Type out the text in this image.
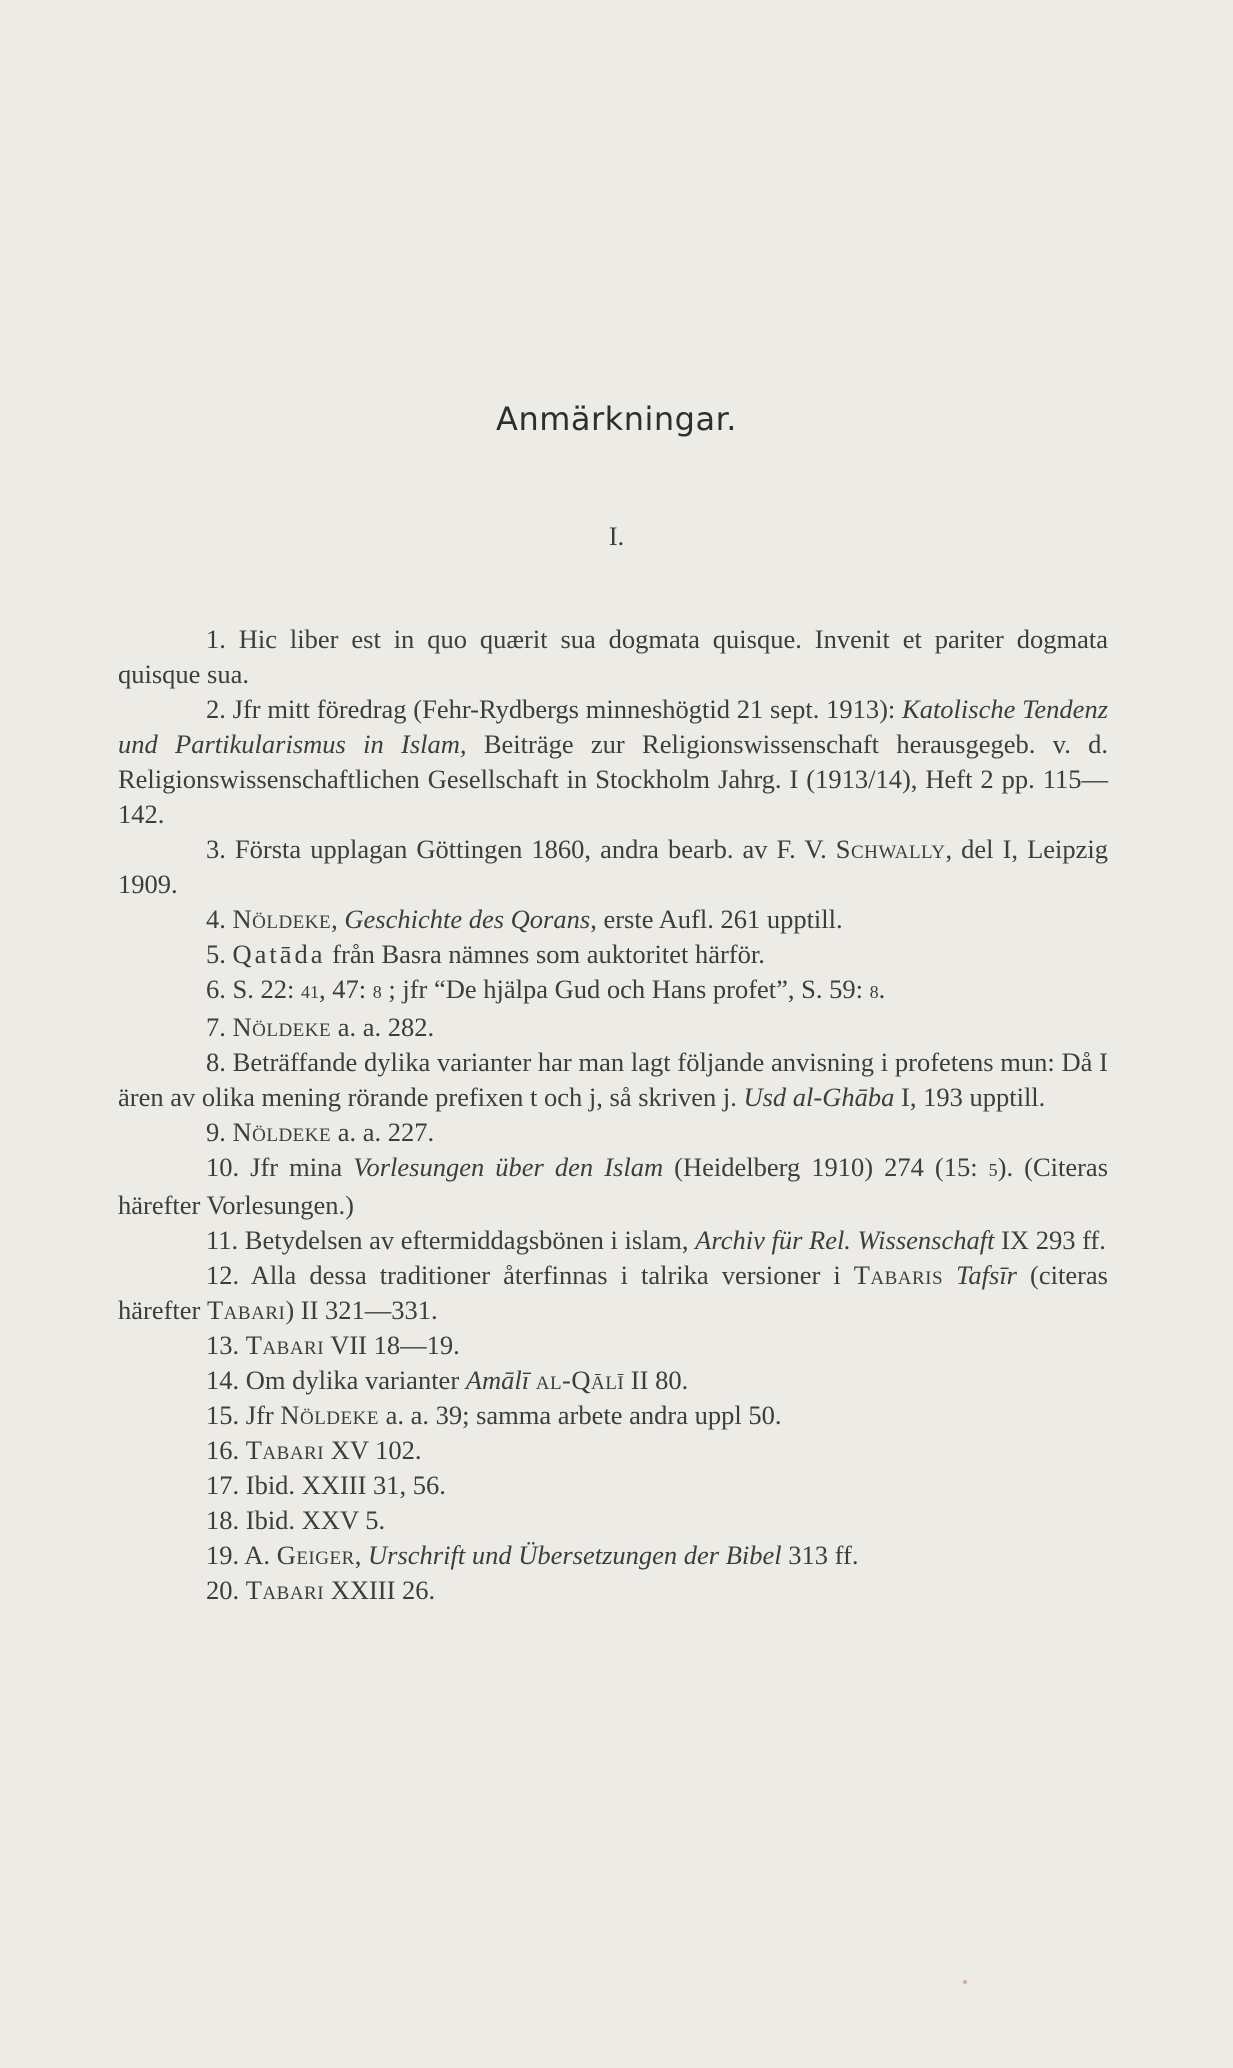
Anmärkningar.
I.

1. Hic liber est in quo quærit sua dogmata quisque. Invenit et pariter dogmata quisque sua.

2. Jfr mitt föredrag (Fehr-Rydbergs minneshögtid 21 sept. 1913): Katolische Tendenz und Partikularismus in Islam, Beiträge zur Religionswissenschaft herausgegeb. v. d. Religionswissenschaftlichen Gesellschaft in Stockholm Jahrg. I (1913/14), Heft 2 pp. 115—142.

3. Första upplagan Göttingen 1860, andra bearb. av F. V. Schwally, del I, Leipzig 1909.

4. Nöldeke, Geschichte des Qorans, erste Aufl. 261 upptill.

5. Qatāda från Basra nämnes som auktoritet härför.

6. S. 22: 41, 47: 8 ; jfr “De hjälpa Gud och Hans profet”, S. 59: 8.

7. Nöldeke a. a. 282.

8. Beträffande dylika varianter har man lagt följande anvisning i profetens mun: Då I ären av olika mening rörande prefixen t och j, så skriven j. Usd al-Ghāba I, 193 upptill.

9. Nöldeke a. a. 227.

10. Jfr mina Vorlesungen über den Islam (Heidelberg 1910) 274 (15: 5). (Citeras härefter Vorlesungen.)

11. Betydelsen av eftermiddagsbönen i islam, Archiv für Rel. Wissenschaft IX 293 ff.

12. Alla dessa traditioner återfinnas i talrika versioner i Tabaris Tafsīr (citeras härefter Tabari) II 321—331.

13. Tabari VII 18—19.

14. Om dylika varianter Amālī al-Qālī II 80.

15. Jfr Nöldeke a. a. 39; samma arbete andra uppl 50.

16. Tabari XV 102.

17. Ibid. XXIII 31, 56.

18. Ibid. XXV 5.

19. A. Geiger, Urschrift und Übersetzungen der Bibel 313 ff.

20. Tabari XXIII 26.
